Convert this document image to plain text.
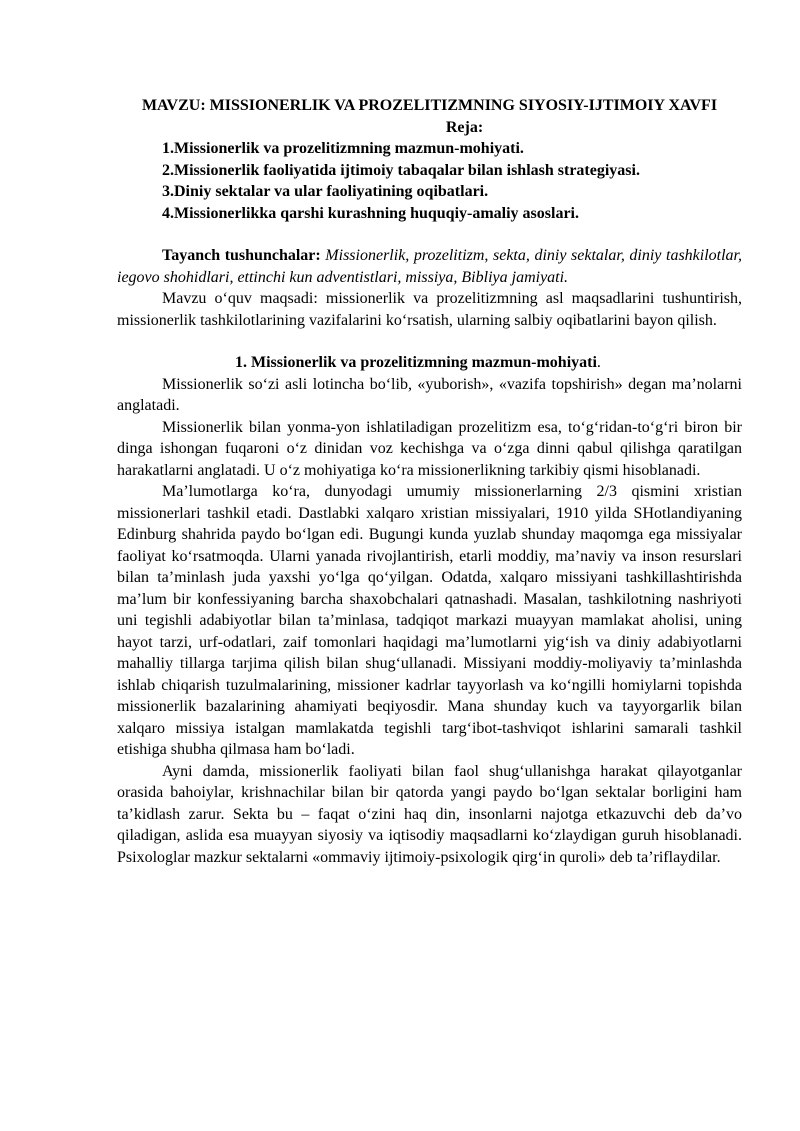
MAVZU: MISSIONERLIK VA PROZELITIZMNING SIYOSIY-IJTIMOIY XAVFI

Reja:

1.Missionerlik va prozelitizmning mazmun-mohiyati.
2.Missionerlik faoliyatida ijtimoiy tabaqalar bilan ishlash strategiyasi.
3.Diniy sektalar va ular faoliyatining oqibatlari.
4.Missionerlikka qarshi kurashning huquqiy-amaliy asoslari.

Tayanch tushunchalar: Missionerlik, prozelitizm, sekta, diniy sektalar, diniy tashkilotlar, iegovo shohidlari, ettinchi kun adventistlari, missiya, Bibliya jamiyati.

Mavzu o‘quv maqsadi: missionerlik va prozelitizmning asl maqsadlarini tushuntirish, missionerlik tashkilotlarining vazifalarini ko‘rsatish, ularning salbiy oqibatlarini bayon qilish.

1. Missionerlik va prozelitizmning mazmun-mohiyati.

Missionerlik so‘zi asli lotincha bo‘lib, «yuborish», «vazifa topshirish» degan ma’nolarni anglatadi.

Missionerlik bilan yonma-yon ishlatiladigan prozelitizm esa, to‘g‘ridan-to‘g‘ri biron bir dinga ishongan fuqaroni o‘z dinidan voz kechishga va o‘zga dinni qabul qilishga qaratilgan harakatlarni anglatadi. U o‘z mohiyatiga ko‘ra missionerlikning tarkibiy qismi hisoblanadi.

Ma’lumotlarga ko‘ra, dunyodagi umumiy missionerlarning 2/3 qismini xristian missionerlari tashkil etadi. Dastlabki xalqaro xristian missiyalari, 1910 yilda SHotlandiyaning Edinburg shahrida paydo bo‘lgan edi. Bugungi kunda yuzlab shunday maqomga ega missiyalar faoliyat ko‘rsatmoqda. Ularni yanada rivojlantirish, etarli moddiy, ma’naviy va inson resurslari bilan ta’minlash juda yaxshi yo‘lga qo‘yilgan. Odatda, xalqaro missiyani tashkillashtirishda ma’lum bir konfessiyaning barcha shaxobchalari qatnashadi. Masalan, tashkilotning nashriyoti uni tegishli adabiyotlar bilan ta’minlasa, tadqiqot markazi muayyan mamlakat aholisi, uning hayot tarzi, urf-odatlari, zaif tomonlari haqidagi ma’lumotlarni yig‘ish va diniy adabiyotlarni mahalliy tillarga tarjima qilish bilan shug‘ullanadi. Missiyani moddiy-moliyaviy ta’minlashda ishlab chiqarish tuzulmalarining, missioner kadrlar tayyorlash va ko‘ngilli homiylarni topishda missionerlik bazalarining ahamiyati beqiyosdir. Mana shunday kuch va tayyorgarlik bilan xalqaro missiya istalgan mamlakatda tegishli targ‘ibot-tashviqot ishlarini samarali tashkil etishiga shubha qilmasa ham bo‘ladi.

Ayni damda, missionerlik faoliyati bilan faol shug‘ullanishga harakat qilayotganlar orasida bahoiylar, krishnachilar bilan bir qatorda yangi paydo bo‘lgan sektalar borligini ham ta’kidlash zarur. Sekta bu – faqat o‘zini haq din, insonlarni najotga etkazuvchi deb da’vo qiladigan, aslida esa muayyan siyosiy va iqtisodiy maqsadlarni ko‘zlaydigan guruh hisoblanadi. Psixologlar mazkur sektalarni «ommaviy ijtimoiy-psixologik qirg‘in quroli» deb ta’riflaydilar.
